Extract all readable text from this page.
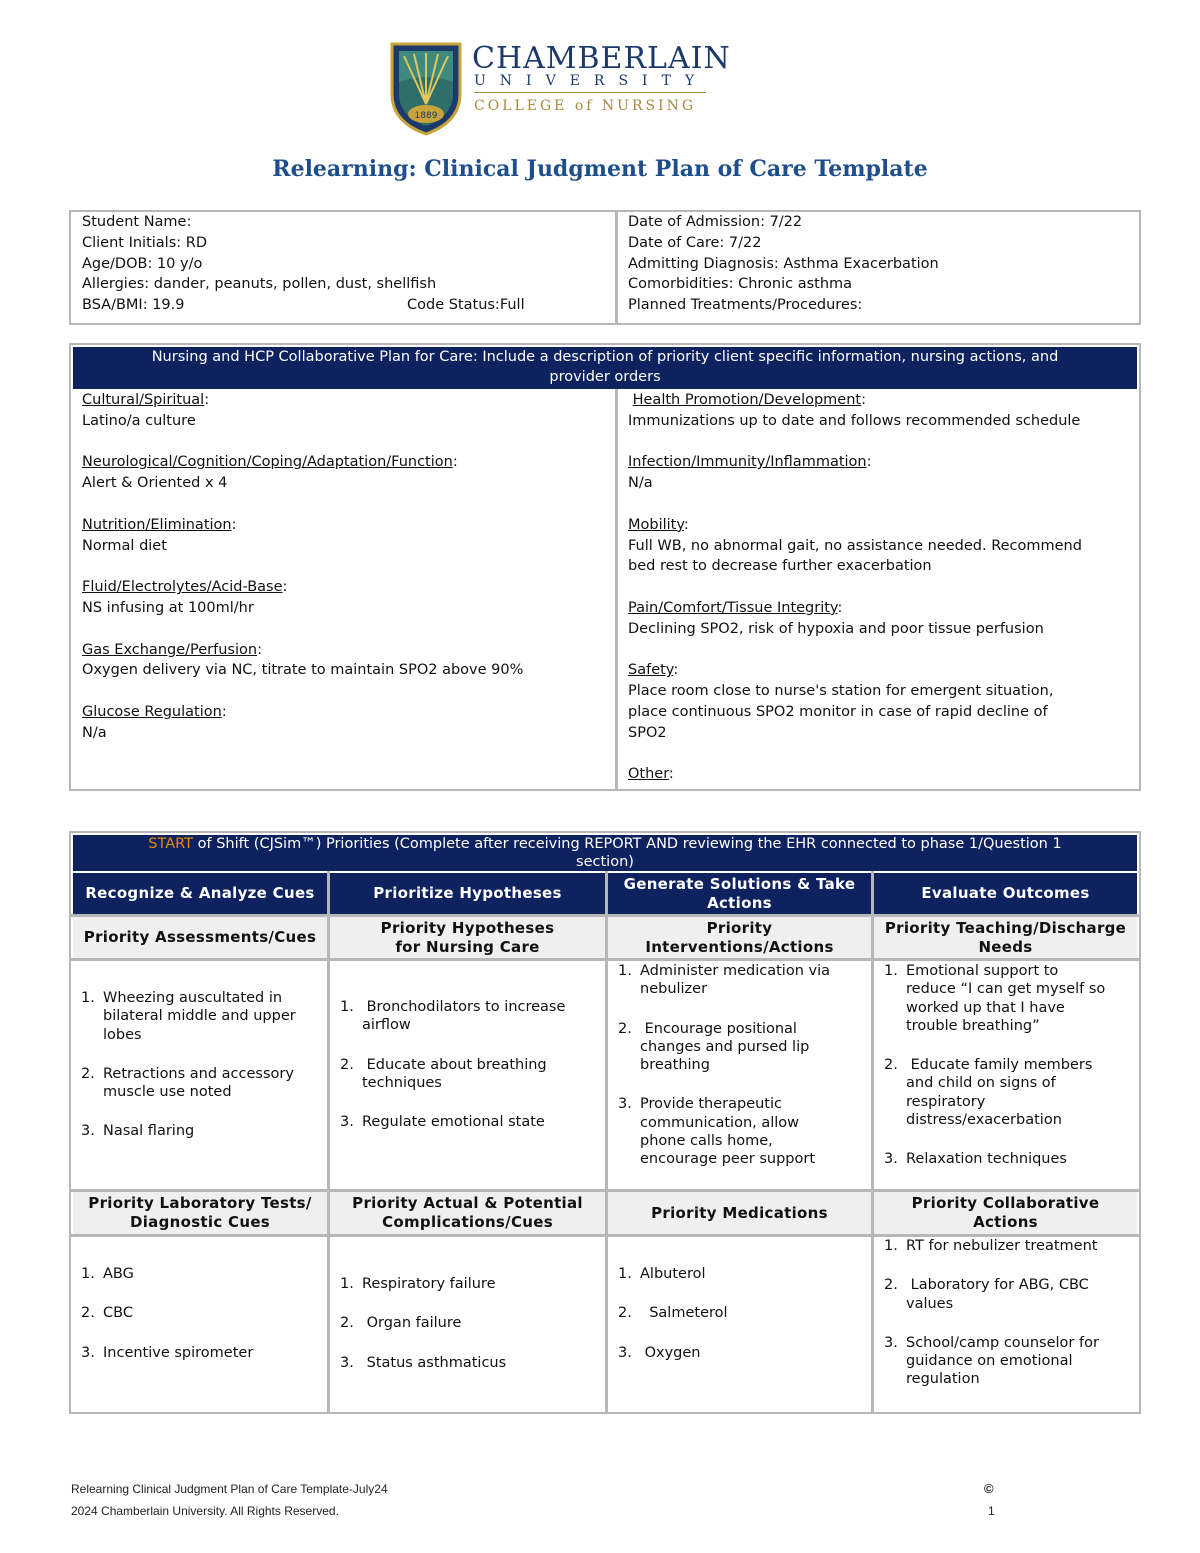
1889
CHAMBERLAIN
UNIVERSITY
COLLEGE of NURSING
Relearning: Clinical Judgment Plan of Care Template
Student Name:
Client Initials: RD
Age/DOB: 10 y/o
Allergies: dander, peanuts, pollen, dust, shellfish
BSA/BMI: 19.9	Code Status:Full
Date of Admission: 7/22
Date of Care: 7/22
Admitting Diagnosis: Asthma Exacerbation
Comorbidities: Chronic asthma
Planned Treatments/Procedures:
Nursing and HCP Collaborative Plan for Care: Include a description of priority client specific information, nursing actions, and
provider orders
Cultural/Spiritual:
Latino/a culture

Neurological/Cognition/Coping/Adaptation/Function:
Alert & Oriented x 4

Nutrition/Elimination:
Normal diet

Fluid/Electrolytes/Acid-Base:
NS infusing at 100ml/hr

Gas Exchange/Perfusion:
Oxygen delivery via NC, titrate to maintain SPO2 above 90%

Glucose Regulation:
N/a
Health Promotion/Development:
Immunizations up to date and follows recommended schedule

Infection/Immunity/Inflammation:
N/a

Mobility:
Full WB, no abnormal gait, no assistance needed. Recommend
bed rest to decrease further exacerbation

Pain/Comfort/Tissue Integrity:
Declining SPO2, risk of hypoxia and poor tissue perfusion

Safety:
Place room close to nurse's station for emergent situation,
place continuous SPO2 monitor in case of rapid decline of
SPO2

Other:
START of Shift (CJSim™) Priorities (Complete after receiving REPORT AND reviewing the EHR connected to phase 1/Question 1
section)
Recognize & Analyze Cues	Prioritize Hypotheses
Generate Solutions & Take Actions
Evaluate Outcomes
Priority Assessments/Cues
Priority Hypotheses for Nursing Care
Priority Interventions/Actions
Priority Teaching/Discharge Needs
1. Wheezing auscultated in
bilateral middle and upper
lobes
2. Retractions and accessory
muscle use noted
3. Nasal flaring
1. Bronchodilators to increase
airflow
2. Educate about breathing
techniques
3. Regulate emotional state
1. Administer medication via
nebulizer
2. Encourage positional
changes and pursed lip
breathing
3. Provide therapeutic
communication, allow
phone calls home,
encourage peer support
1. Emotional support to
reduce “I can get myself so
worked up that I have
trouble breathing”
2. Educate family members
and child on signs of
respiratory
distress/exacerbation
3. Relaxation techniques
Priority Laboratory Tests/ Diagnostic Cues
Priority Actual & Potential Complications/Cues
Priority Medications
Priority Collaborative Actions
1. ABG
2. CBC
3. Incentive spirometer
1. Respiratory failure
2. Organ failure
3. Status asthmaticus
1. Albuterol
2. Salmeterol
3. Oxygen
1. RT for nebulizer treatment
2. Laboratory for ABG, CBC
values
3. School/camp counselor for
guidance on emotional
regulation
Relearning Clinical Judgment Plan of Care Template-July24
2024 Chamberlain University. All Rights Reserved.
©
1
